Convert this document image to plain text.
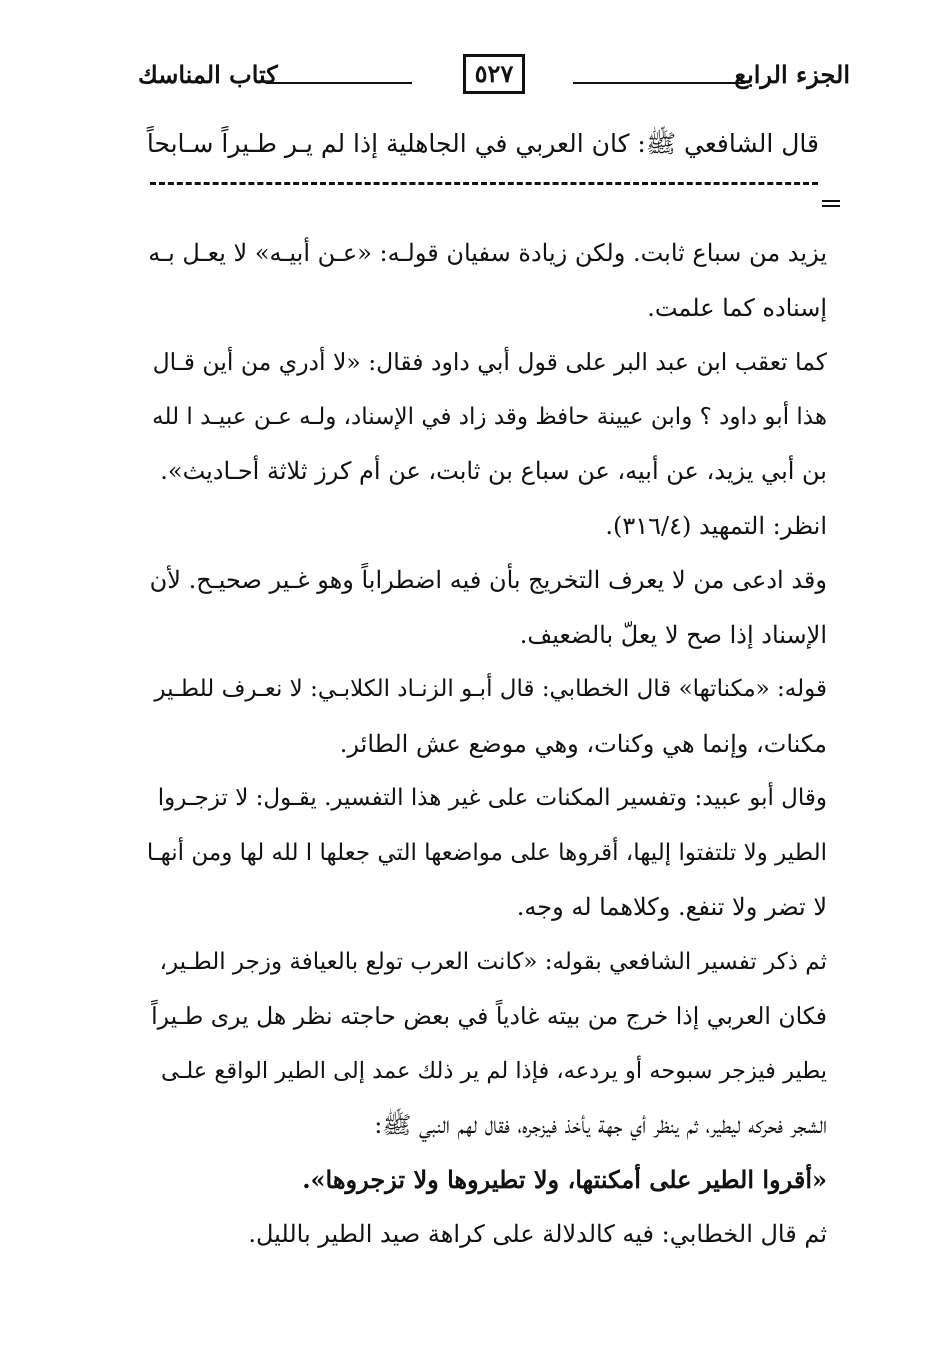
الجزء الرابع
٥٢٧
كتاب المناسك
قال الشافعي ﷺ: كان العربي في الجاهلية إذا لم يـر طـيراً سـابحاً
يزيد من سباع ثابت. ولكن زيادة سفيان قولـه: «عـن أبيـه» لا يعـل بـه
إسناده كما علمت.
كما تعقب ابن عبد البر على قول أبي داود فقال: «لا أدري من أين قـال
هذا أبو داود ؟ وابن عيينة حافظ وقد زاد في الإسناد، ولـه عـن عبيـد ا لله
بن أبي يزيد، عن أبيه، عن سباع بن ثابت، عن أم كرز ثلاثة أحـاديث».
انظر: التمهيد (٣١٦/٤).
وقد ادعى من لا يعرف التخريج بأن فيه اضطراباً وهو غـير صحيـح. لأن
الإسناد إذا صح لا يعلّ بالضعيف.
قوله: «مكناتها» قال الخطابي: قال أبـو الزنـاد الكلابـي: لا نعـرف للطـير
مكنات، وإنما هي وكنات، وهي موضع عش الطائر.
وقال أبو عبيد: وتفسير المكنات على غير هذا التفسير. يقـول: لا تزجـروا
الطير ولا تلتفتوا إليها، أقروها على مواضعها التي جعلها ا لله لها ومن أنهـا
لا تضر ولا تنفع. وكلاهما له وجه.
ثم ذكر تفسير الشافعي بقوله: «كانت العرب تولع بالعيافة وزجر الطـير،
فكان العربي إذا خرج من بيته غادياً في بعض حاجته نظر هل يرى طـيراً
يطير فيزجر سبوحه أو يردعه، فإذا لم ير ذلك عمد إلى الطير الواقع علـى
الشجر فحركه ليطير، ثم ينظر أي جهة يأخذ فيزجره، فقال لهم النبي ﷺ:
«أقروا الطير على أمكنتها، ولا تطيروها ولا تزجروها».
ثم قال الخطابي: فيه كالدلالة على كراهة صيد الطير بالليل.
